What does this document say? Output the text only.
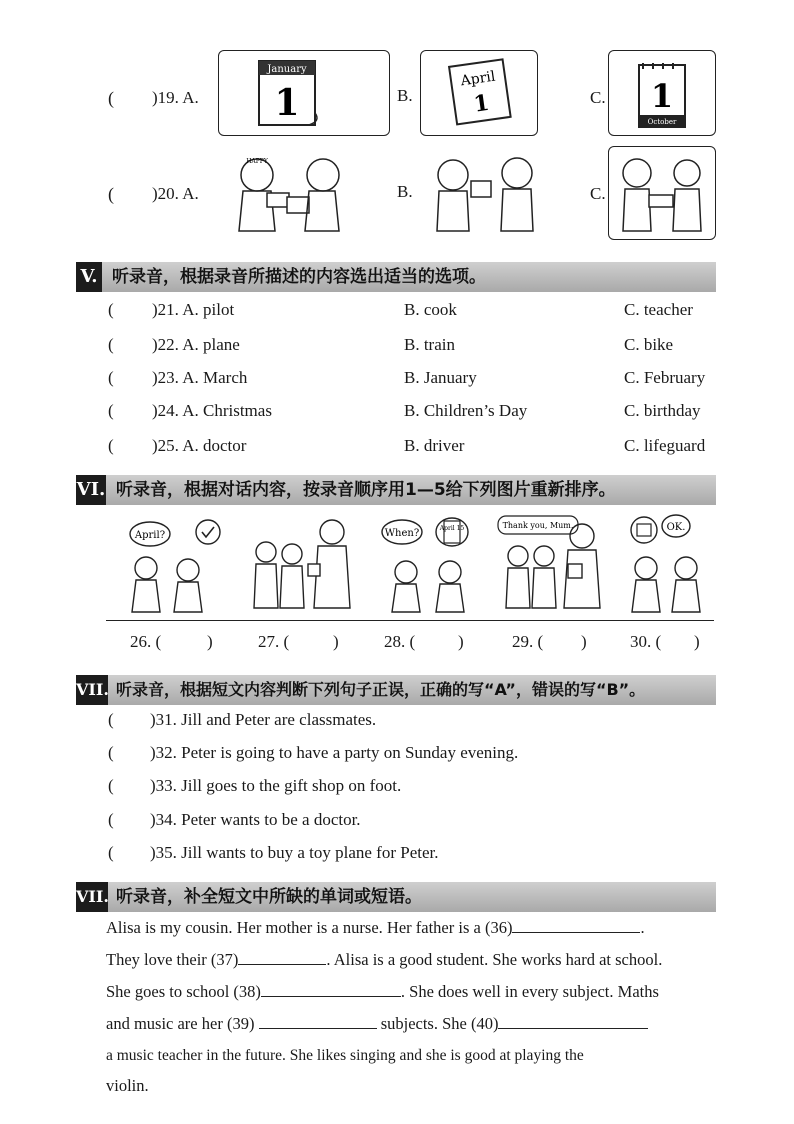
( )19. A.
January
1	B.
April
1	C. 1
October
( )20. A.
HAPPY
B.	C.
V. 听录音，根据录音所描述的内容选出适当的选项。
( )21. A. pilot	B. cook	C. teacher
( )22. A. plane	B. train	C. bike
( )23. A. March	B. January	C. February
( )24. A. Christmas	B. Children’s Day	C. birthday
( )25. A. doctor	B. driver	C. lifeguard
VI. 听录音，根据对话内容，按录音顺序用1—5给下列图片重新排序。
April?	When?	April 15	Thank you, Mum.	OK.
26. (	)	27. (	)	28. (	)	29. ( )	30. ( )
VII. 听录音，根据短文内容判断下列句子正误，正确的写“A”，错误的写“B”。
( )31. Jill and Peter are classmates.
( )32. Peter is going to have a party on Sunday evening.
( )33. Jill goes to the gift shop on foot.
( )34. Peter wants to be a doctor.
( )35. Jill wants to buy a toy plane for Peter.
VII. 听录音，补全短文中所缺的单词或短语。
Alisa is my cousin. Her mother is a nurse. Her father is a (36)	.
They love their (37)	. Alisa is a good student. She works hard at school.
She goes to school (38)	. She does well in every subject. Maths
and music are her (39)	subjects. She (40)
a music teacher in the future. She likes singing and she is good at playing the
violin.
